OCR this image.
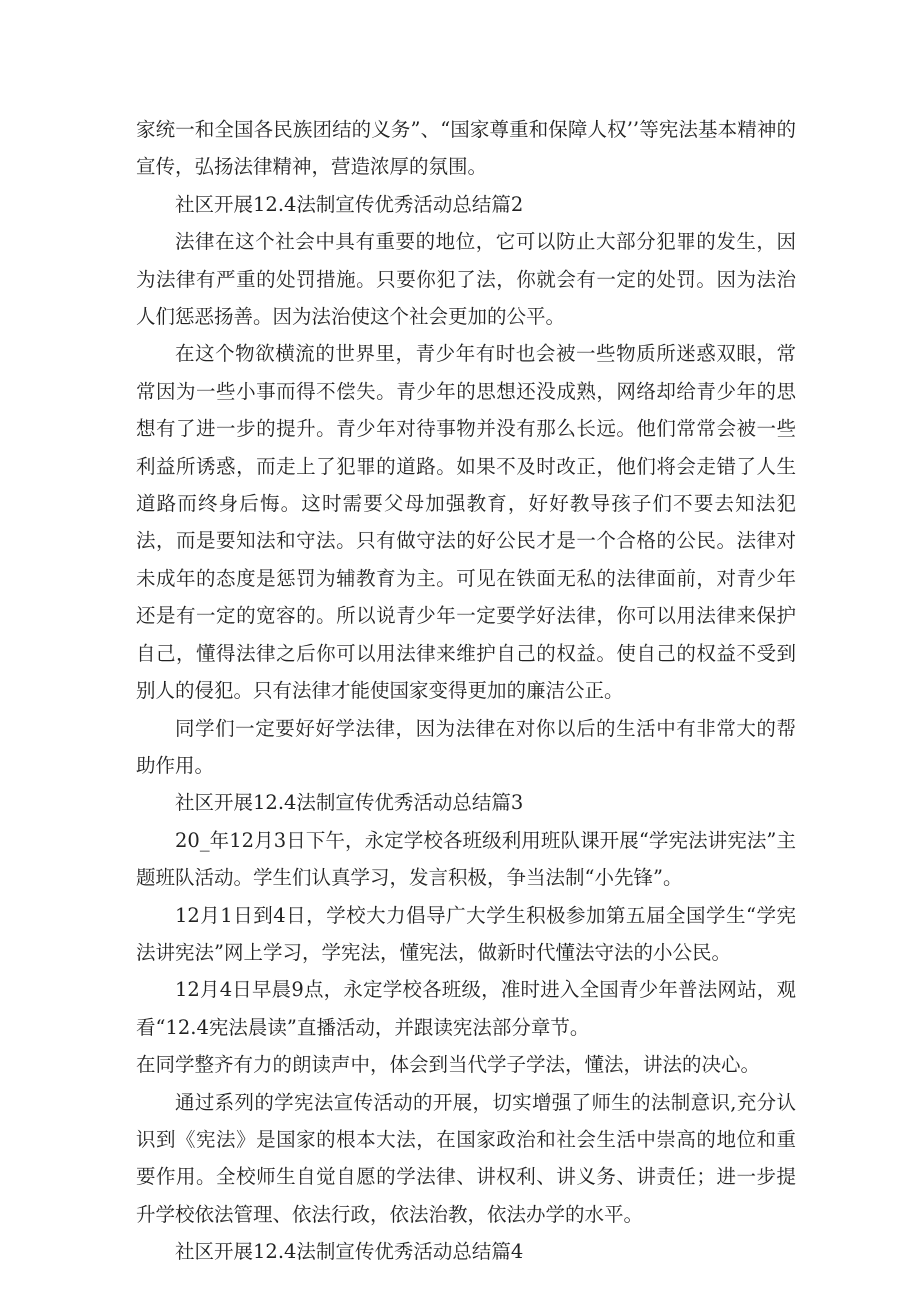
家统一和全国各民族团结的义务”、“国家尊重和保障人权’’等宪法基本精神的宣传，弘扬法律精神，营造浓厚的氛围。

社区开展12.4法制宣传优秀活动总结篇2

法律在这个社会中具有重要的地位，它可以防止大部分犯罪的发生，因为法律有严重的处罚措施。只要你犯了法，你就会有一定的处罚。因为法治人们惩恶扬善。因为法治使这个社会更加的公平。

在这个物欲横流的世界里，青少年有时也会被一些物质所迷惑双眼，常常因为一些小事而得不偿失。青少年的思想还没成熟，网络却给青少年的思想有了进一步的提升。青少年对待事物并没有那么长远。他们常常会被一些利益所诱惑，而走上了犯罪的道路。如果不及时改正，他们将会走错了人生道路而终身后悔。这时需要父母加强教育，好好教导孩子们不要去知法犯法，而是要知法和守法。只有做守法的好公民才是一个合格的公民。法律对未成年的态度是惩罚为辅教育为主。可见在铁面无私的法律面前，对青少年还是有一定的宽容的。所以说青少年一定要学好法律，你可以用法律来保护自己，懂得法律之后你可以用法律来维护自己的权益。使自己的权益不受到别人的侵犯。只有法律才能使国家变得更加的廉洁公正。

同学们一定要好好学法律，因为法律在对你以后的生活中有非常大的帮助作用。

社区开展12.4法制宣传优秀活动总结篇3

20_年12月3日下午，永定学校各班级利用班队课开展“学宪法讲宪法”主题班队活动。学生们认真学习，发言积极，争当法制“小先锋”。

12月1日到4日，学校大力倡导广大学生积极参加第五届全国学生“学宪法讲宪法”网上学习，学宪法，懂宪法，做新时代懂法守法的小公民。

12月4日早晨9点，永定学校各班级，准时进入全国青少年普法网站，观看“12.4宪法晨读”直播活动，并跟读宪法部分章节。

在同学整齐有力的朗读声中，体会到当代学子学法，懂法，讲法的决心。

通过系列的学宪法宣传活动的开展，切实增强了师生的法制意识,充分认识到《宪法》是国家的根本大法，在国家政治和社会生活中崇高的地位和重要作用。全校师生自觉自愿的学法律、讲权利、讲义务、讲责任；进一步提升学校依法管理、依法行政，依法治教，依法办学的水平。

社区开展12.4法制宣传优秀活动总结篇4
